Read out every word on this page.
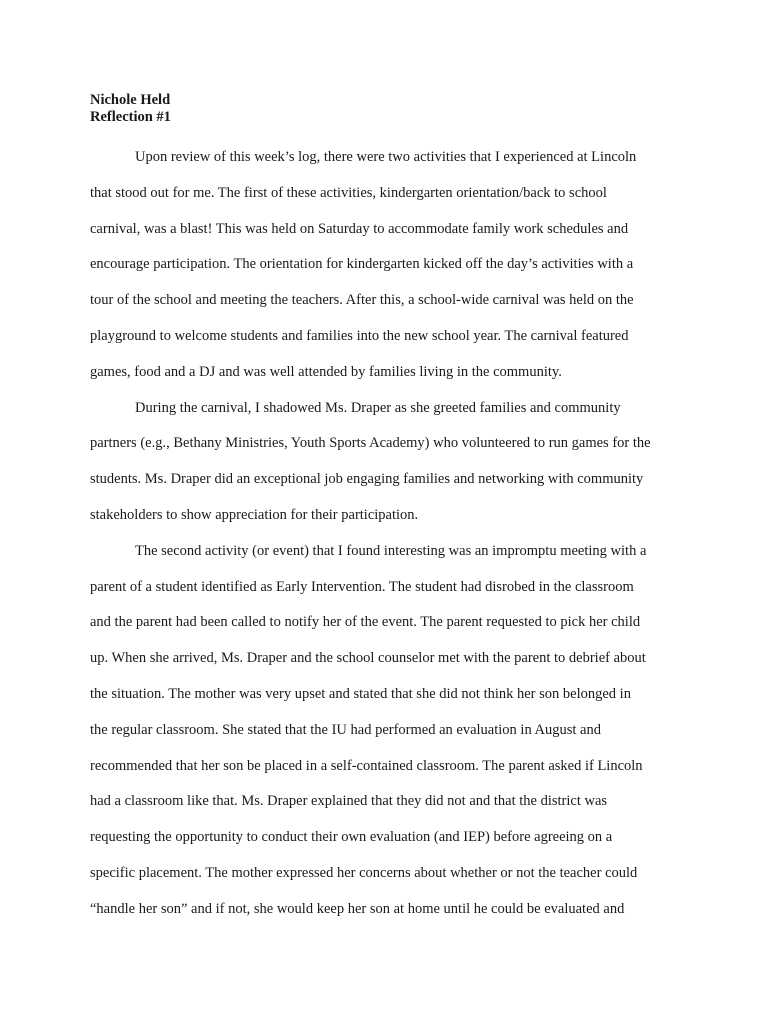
Nichole Held
Reflection #1
Upon review of this week’s log, there were two activities that I experienced at Lincoln
that stood out for me. The first of these activities, kindergarten orientation/back to school
carnival, was a blast! This was held on Saturday to accommodate family work schedules and
encourage participation. The orientation for kindergarten kicked off the day’s activities with a
tour of the school and meeting the teachers. After this, a school-wide carnival was held on the
playground to welcome students and families into the new school year. The carnival featured
games, food and a DJ and was well attended by families living in the community.
During the carnival, I shadowed Ms. Draper as she greeted families and community
partners (e.g., Bethany Ministries, Youth Sports Academy) who volunteered to run games for the
students. Ms. Draper did an exceptional job engaging families and networking with community
stakeholders to show appreciation for their participation.
The second activity (or event) that I found interesting was an impromptu meeting with a
parent of a student identified as Early Intervention. The student had disrobed in the classroom
and the parent had been called to notify her of the event. The parent requested to pick her child
up. When she arrived, Ms. Draper and the school counselor met with the parent to debrief about
the situation. The mother was very upset and stated that she did not think her son belonged in
the regular classroom. She stated that the IU had performed an evaluation in August and
recommended that her son be placed in a self-contained classroom. The parent asked if Lincoln
had a classroom like that. Ms. Draper explained that they did not and that the district was
requesting the opportunity to conduct their own evaluation (and IEP) before agreeing on a
specific placement. The mother expressed her concerns about whether or not the teacher could
“handle her son” and if not, she would keep her son at home until he could be evaluated and
